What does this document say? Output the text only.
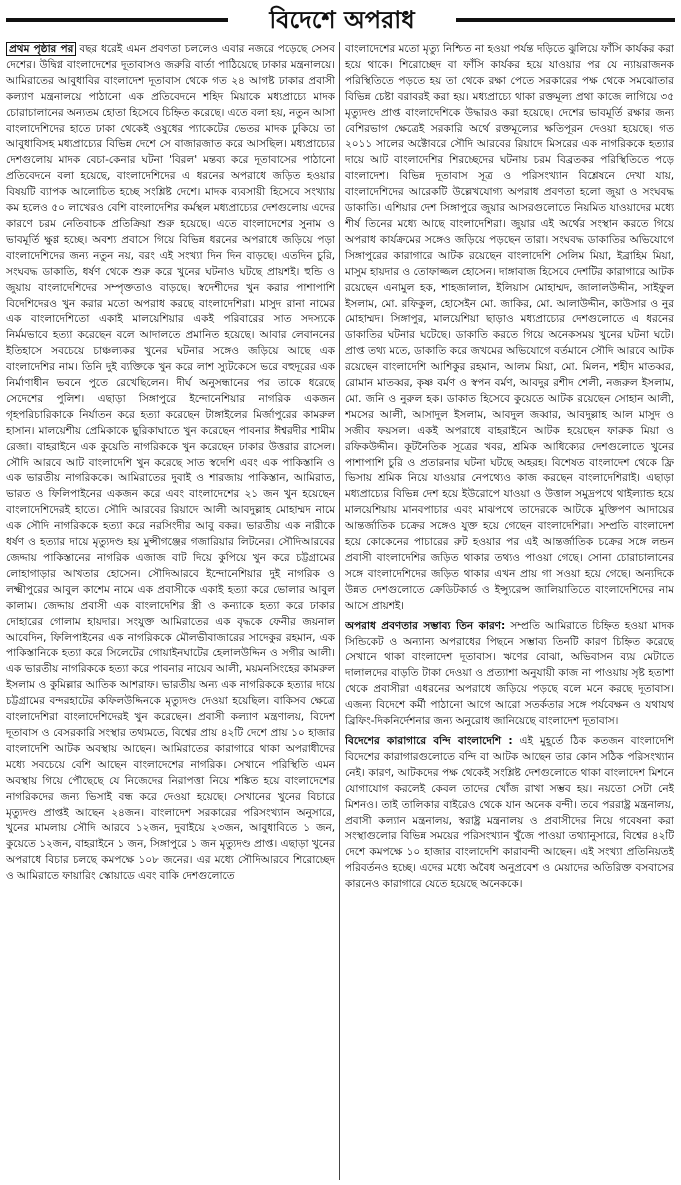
বিদেশে অপরাধ

প্রথম পৃষ্ঠার পর বছর ধরেই এমন প্রবণতা চললেও এবার নজরে পড়েছে সেসব দেশের। উদ্বিগ্ন বাংলাদেশের দূতাবাসও জরুরি বার্তা পাঠিয়েছে ঢাকার মন্ত্রনালয়ে। আমিরাতের আবুধাবির বাংলাদেশ দূতাবাস থেকে গত ২৪ আগষ্ট ঢাকার প্রবাসী কল্যাণ মন্ত্রনালয়ে পাঠানো এক প্রতিবেদনে শহিদ মিয়াকে মধ্যপ্রাচ্যে মাদক চোরাচালানের অন্যতম হোতা হিসেবে চিহ্নিত করেছে। এতে বলা হয়, নতুন আসা বাংলাদেশিদের হাতে ঢাকা থেকেই ওষুধের প্যাকেটের ভেতর মাদক ঢুকিয়ে তা আবুধাবিসহ মধ্যপ্রাচ্যের বিভিন্ন দেশে সে বাজারজাত করে আসছিল। মধ্যপ্রাচ্যের দেশগুলোয় মাদক বেচা-কেনার ঘটনা 'বিরল' মন্তব্য করে দূতাবাসের পাঠানো প্রতিবেদনে বলা হয়েছে, বাংলাদেশিদের এ ধরনের অপরাধে জড়িত হওয়ার বিষয়টি ব্যাপক আলোচিত হচ্ছে সংশ্লিষ্ট দেশে। মাদক ব্যবসায়ী হিসেবে সংখ্যায় কম হলেও ৫০ লাখেরও বেশি বাংলাদেশির কর্মস্থল মধ্যপ্রাচ্যের দেশগুলোয় এদের কারণে চরম নেতিবাচক প্রতিক্রিয়া শুরু হয়েছে। এতে বাংলাদেশের সুনাম ও ভাবমূর্তি ক্ষুণ্ণ হচ্ছে। অবশ্য প্রবাসে গিয়ে বিভিন্ন ধরনের অপরাধে জড়িয়ে পড়া বাংলাদেশিদের জন্য নতুন নয়, বরং এই সংখ্যা দিন দিন বাড়ছে। এতদিন চুরি, সংঘবদ্ধ ডাকাতি, ধর্ষণ থেকে শুরু করে খুনের ঘটনাও ঘটছে প্রায়শই। হুন্ডি ও জুয়ায় বাংলাদেশিদের সম্পৃক্ততাও বাড়ছে। স্বদেশীদের খুন করার পাশাপাশি বিদেশিদেরও খুন করার মতো অপরাধ করছে বাংলাদেশিরা। মাসুদ রানা নামের এক বাংলাদেশিতো একাই মালয়েশিয়ার একই পরিবারের সাত সদস্যকে নির্মমভাবে হত্যা করেছেন বলে আদালতে প্রমানিত হয়েছে। আবার লেবাননের ইতিহাসে সবচেয়ে চাঞ্চল্যকর খুনের ঘটনার সঙ্গেও জড়িয়ে আছে এক বাংলাদেশির নাম। তিনি দুই ব্যক্তিকে খুন করে লাশ স্যুটকেসে ভরে বহুদূরের এক নির্মাণাধীন ভবনে পুতে রেখেছিলেন। দীর্ঘ অনুসন্ধানের পর তাকে ধরেছে সেদেশের পুলিশ। এছাড়া সিঙ্গাপুরে ইন্দোনেশিয়ার নাগরিক একজন গৃহপরিচারিকাকে নির্যাতন করে হত্যা করেছেন টাঙ্গাইলের মির্জাপুরের কামরুল হাসান। মালয়েশীয় প্রেমিকাকে ছুরিকাঘাতে খুন করেছেন পাবনার ঈশ্বরদীর শামীম রেজা। বাহরাইনে এক কুয়েতি নাগরিককে খুন করেছেন ঢাকার উত্তরার রাসেল। সৌদি আরবে আট বাংলাদেশি খুন করেছে সাত স্বদেশি এবং এক পাকিস্তানি ও এক ভারতীয় নাগরিককে। আমিরাতের দুবাই ও শারজায় পাকিস্তান, আমিরাত, ভারত ও ফিলিপাইনের একজন করে এবং বাংলাদেশের ২১ জন খুন হয়েছেন বাংলাদেশিদেরই হাতে। সৌদি আরবের রিয়াদে আলী আবদুল্লাহ মোহাম্মদ নামে এক সৌদি নাগরিককে হত্যা করে নরসিংদীর আবু বকর। ভারতীয় এক নারীকে ধর্ষণ ও হত্যার দায়ে মৃত্যুদণ্ড হয় মুন্সীগঞ্জের গজারিয়ার লিটনের। সৌদিআরবের জেদ্দায় পাকিস্তানের নাগরিক এজাজ বাট দিয়ে কুপিয়ে খুন করে চট্টগ্রামের লোহাগাড়ার আখতার হোসেন। সৌদিআরবে ইন্দোনেশিয়ার দুই নাগরিক ও লক্ষ্মীপুরের আবুল কাশেম নামে এক প্রবাসীকে একাই হত্যা করে ভোলার আবুল কালাম। জেদ্দায় প্রবাসী এক বাংলাদেশির স্ত্রী ও কন্যাকে হত্যা করে ঢাকার দোহারের গোলাম হায়দার। সংযুক্ত আমিরাতের এক বৃদ্ধকে ফেনীর জয়নাল আবেদিন, ফিলিপাইনের এক নাগরিককে মৌলভীবাজারের সাদেকুর রহমান, এক পাকিস্তানিকে হত্যা করে সিলেটের গোয়াইনঘাটের হেলালউদ্দিন ও সগীর আলী। এক ভারতীয় নাগরিককে হত্যা করে পাবনার নায়েব আলী, ময়মনসিংহের কামরুল ইসলাম ও কুমিল্লার আতিক আশরাফ। ভারতীয় অন্য এক নাগরিককে হত্যার দায়ে চট্টগ্রামের বন্দরহাটের কফিলউদ্দিনকে মৃত্যুদণ্ড দেওয়া হয়েছিল। বাকিসব ক্ষেত্রে বাংলাদেশিরা বাংলাদেশিদেরই খুন করেছেন। প্রবাসী কল্যাণ মন্ত্রণালয়, বিদেশ দূতাবাস ও বেসরকারি সংস্থার তথ্যমতে, বিশ্বের প্রায় ৪২টি দেশে প্রায় ১০ হাজার বাংলাদেশি আটক অবস্থায় আছেন। আমিরাতের কারাগারে থাকা অপরাধীদের মধ্যে সবচেয়ে বেশি আছেন বাংলাদেশের নাগরিক। সেখানে পরিস্থিতি এমন অবস্থায় গিয়ে পৌছেছে যে নিজেদের নিরাপত্তা নিয়ে শঙ্কিত হয়ে বাংলাদেশের নাগরিকদের জন্য ভিসাই বন্ধ করে দেওয়া হয়েছে। সেখানের খুনের বিচারে মৃত্যুদণ্ড প্রাপ্তই আছেন ২৪জন। বাংলাদেশ সরকারের পরিসংখ্যান অনুসারে, খুনের মামলায় সৌদি আরবে ১২জন, দুবাইয়ে ২৩জন, আবুধাবিতে ১ জন, কুয়েতে ১২জন, বাহরাইনে ১ জন, সিঙ্গাপুরে ১ জন মৃত্যুদণ্ড প্রাপ্ত। এছাড়া খুনের অপরাধে বিচার চলছে কমপক্ষে ১০৮ জনের। এর মধ্যে সৌদিআরবে শিরোচ্ছেদ ও আমিরাতে ফায়ারিং স্কোয়াডে এবং বাকি দেশগুলোতে

বাংলাদেশের মতো মৃত্যু নিশ্চিত না হওয়া পর্যন্ত দড়িতে ঝুলিয়ে ফাঁসি কার্যকর করা হয়ে থাকে। শিরোচ্ছেদ বা ফাঁসি কার্যকর হয়ে যাওয়ার পর যে ন্যায়রাজনক পরিস্থিতিতে পড়তে হয় তা থেকে রক্ষা পেতে সরকারের পক্ষ থেকে সমঝোতার বিভিন্ন চেষ্টা বরাবরই করা হয়। মধ্যপ্রাচ্যে থাকা রক্তমূল্য প্রথা কাজে লাগিয়ে ৩৫ মৃত্যুদণ্ড প্রাপ্ত বাংলাদেশিকে উদ্ধারও করা হয়েছে। দেশের ভাবমূর্তি রক্ষার জন্য বেশিরভাগ ক্ষেত্রেই সরকারি অর্থে রক্তমূল্যের ক্ষতিপূরন দেওয়া হয়েছে। গত ২০১১ সালের অক্টোবরে সৌদি আরবের রিয়াদে মিসরের এক নাগরিককে হত্যার দায়ে আট বাংলাদেশির শিরচ্ছেদের ঘটনায় চরম বিব্রতকর পরিস্থিতিতে পড়ে বাংলাদেশ। বিভিন্ন দূতাবাস সূত্র ও পরিসংখ্যান বিশ্লেষনে দেখা যায়, বাংলাদেশিদের আরেকটি উল্লেখযোগ্য অপরাধ প্রবণতা হলো জুয়া ও সংঘবদ্ধ ডাকাতি। এশিয়ার দেশ সিঙ্গাপুরে জুয়ার আসরগুলোতে নিয়মিত যাওয়াদের মধ্যে শীর্ষ তিনের মধ্যে আছে বাংলাদেশিরা। জুয়ার এই অর্থের সংস্থান করতে গিয়ে অপরাধ কার্যক্রমের সঙ্গেও জড়িয়ে পড়ছেন তারা। সংঘবদ্ধ ডাকাতির অভিযোগে সিঙ্গাপুরের কারাগারে আটক রয়েছেন বাংলাদেশি সেলিম মিয়া, ইব্রাহিম মিয়া, মাসুম হায়দার ও তোফাজ্জল হোসেন। দাঙ্গাবাজ হিসেবে দেশটির কারাগারে আটক রয়েছেন এনামুল হক, শাহজালাল, ইলিয়াস মোহাম্মদ, জালালউদ্দীন, সাইফুল ইসলাম, মো. রফিকুল, হোসেইন মো. জাকির, মো. আলাউদ্দীন, কাউসার ও নুর মোহাম্মদ। সিঙ্গাপুর, মালয়েশিয়া ছাড়াও মধ্যপ্রাচ্যের দেশগুলোতে এ ধরনের ডাকাতির ঘটনার ঘটেছে। ডাকাতি করতে গিয়ে অনেকসময় খুনের ঘটনা ঘটে। প্রাপ্ত তথ্য মতে, ডাকাতি করে জখমের অভিযোগে বর্তমানে সৌদি আরবে আটক রয়েছেন বাংলাদেশি আশিকুর রহমান, আলম মিয়া, মো. মিলন, শহীদ মাতব্বর, রোমান মাতব্বর, কৃষ্ণ বর্মণ ও স্বপন বর্মণ, আবদুর রশীদ শেলী, নজরুল ইসলাম, মো. জনি ও নুরুল হক। ডাকাত হিসেবে কুয়েতে আটক রয়েছেন সোহান আলী, শমসের আলী, আসাদুল ইসলাম, আবদুল জব্বার, আবদুল্লাহ আল মাসুদ ও সজীব ফয়সল। একই অপরাধে বাহরাইনে আটক হয়েছেন ফারুক মিয়া ও রফিকউদ্দীন। কূটনৈতিক সূত্রের খবর, শ্রমিক আধিক্যের দেশগুলোতে খুনের পাশাপাশি চুরি ও প্রতারনার ঘটনা ঘটছে অহরহ। বিশেষত বাংলাদেশ থেকে ফ্রি ভিসায় শ্রমিক নিয়ে যাওয়ার নেপথ্যেও কাজ করছেন বাংলাদেশিরাই। এছাড়া মধ্যপ্রাচ্যের বিভিন্ন দেশ হয়ে ইউরোপে যাওয়া ও উত্তাল সমুদ্রপথে থাইল্যান্ড হয়ে মালয়েশিয়ায় মানবপাচার এবং মাঝপথে তাদেরকে আটকে মুক্তিপণ আদায়ের আন্তর্জাতিক চক্রের সঙ্গেও যুক্ত হয়ে গেছেন বাংলাদেশিরা। সম্প্রতি বাংলাদেশ হয়ে কোকেনের পাচারের রুট হওয়ার পর এই আন্তর্জাতিক চক্রের সঙ্গে লন্ডন প্রবাসী বাংলাদেশির জড়িত থাকার তথ্যও পাওয়া গেছে। সোনা চোরাচালানের সঙ্গে বাংলাদেশিদের জড়িত থাকার এখন প্রায় গা সওয়া হয়ে গেছে। অন্যদিকে উন্নত দেশগুলোতে ক্রেডিটকার্ড ও ইন্স্যুরেন্স জালিয়াতিতে বাংলাদেশিদের নাম আসে প্রায়শই।

অপরাধ প্রবণতার সম্ভাব্য তিন কারণ: সম্প্রতি আমিরাতে চিহ্নিত হওয়া মাদক সিন্ডিকেট ও অন্যান্য অপরাধের পিছনে সম্ভাব্য তিনটি কারণ চিহ্নিত করেছে সেখানে থাকা বাংলাদেশ দূতাবাস। ঋণের বোঝা, অভিবাসন ব্যয় মেটাতে দালালদের বাড়তি টাকা দেওয়া ও প্রত্যাশা অনুযায়ী কাজ না পাওয়ায় সৃষ্ট হতাশা থেকে প্রবাসীরা এধরনের অপরাধে জড়িয়ে পড়ছে বলে মনে করছে দূতাবাস। এজন্য বিদেশে কর্মী পাঠানো আগে আরো সতর্কতার সঙ্গে পর্যবেক্ষন ও যথাযথ ব্রিফিং-দিকনির্দেশনার জন্য অনুরোধ জানিয়েছে বাংলাদেশ দূতাবাস।

বিদেশের কারাগারে বন্দি বাংলাদেশি : এই মুহূর্তে ঠিক কতজন বাংলাদেশি বিদেশের কারাগারগুলোতে বন্দি বা আটক আছেন তার কোন সঠিক পরিসংখ্যান নেই। কারণ, আটকদের পক্ষ থেকেই সংশ্লিষ্ট দেশগুলোতে থাকা বাংলাদেশ মিশনে যোগাযোগ করলেই কেবল তাদের খোঁজ রাখা সম্ভব হয়। নয়তো সেটা নেই মিশনও। তাই তালিকার বাইরেও থেকে যান অনেক বন্দী। তবে পররাষ্ট্র মন্ত্রনালয়, প্রবাসী কল্যান মন্ত্রনালয়, স্বরাষ্ট্র মন্ত্রনালয় ও প্রবাসীদের নিয়ে গবেষনা করা সংস্থাগুলোর বিভিন্ন সময়ের পরিসংখ্যান খুঁজে পাওয়া তথ্যানুসারে, বিশ্বের ৪২টি দেশে কমপক্ষে ১০ হাজার বাংলাদেশি কারাবন্দী আছেন। এই সংখ্যা প্রতিনিয়তই পরিবর্তনও হচ্ছে। এদের মধ্যে অবৈধ অনুপ্রবেশ ও মেয়াদের অতিরিক্ত বসবাসের কারনেও কারাগারে যেতে হয়েছে অনেককে।
